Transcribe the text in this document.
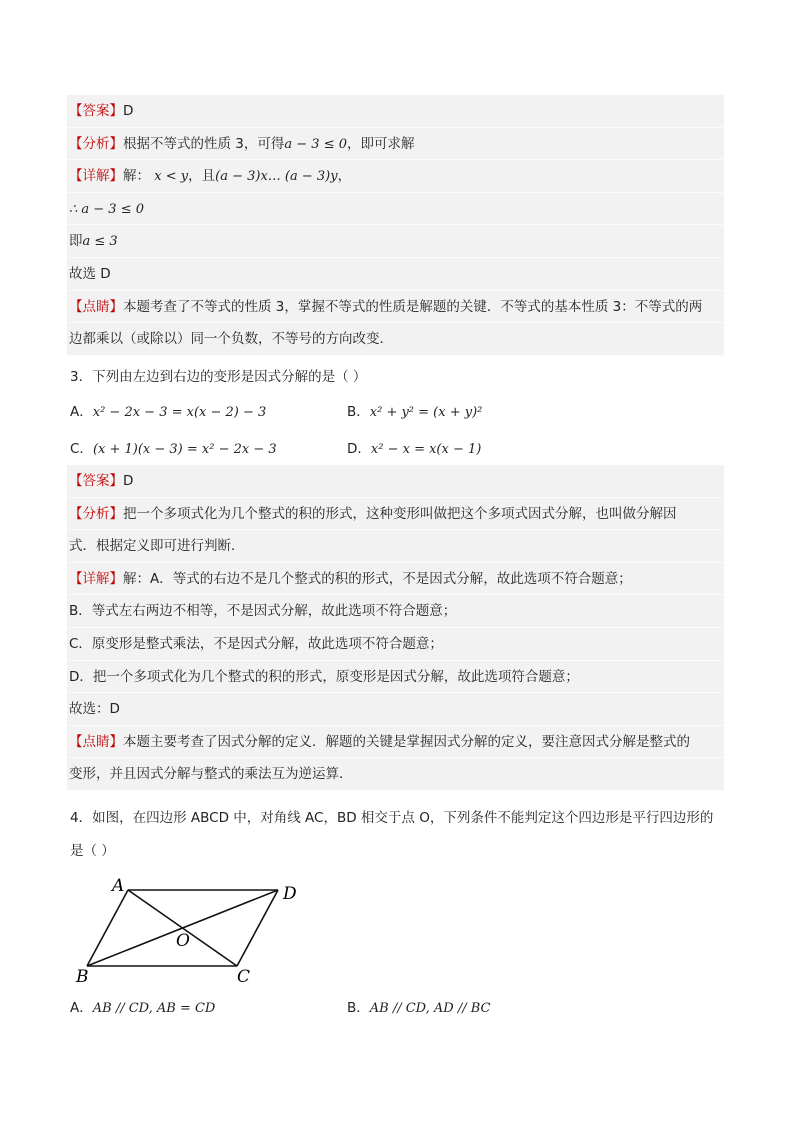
【答案】D
【分析】根据不等式的性质 3，可得a − 3 ≤ 0，即可求解
【详解】解： x < y，且(a − 3)x… (a − 3)y，
∴ a − 3 ≤ 0
即a ≤ 3
故选 D
【点睛】本题考查了不等式的性质 3，掌握不等式的性质是解题的关键．不等式的基本性质 3：不等式的两
边都乘以（或除以）同一个负数，不等号的方向改变．
3．下列由左边到右边的变形是因式分解的是（ ）
A．x² − 2x − 3 = x(x − 2) − 3	B．x² + y² = (x + y)²
C．(x + 1)(x − 3) = x² − 2x − 3	D．x² − x = x(x − 1)
【答案】D
【分析】把一个多项式化为几个整式的积的形式，这种变形叫做把这个多项式因式分解，也叫做分解因
式．根据定义即可进行判断．
【详解】解：A．等式的右边不是几个整式的积的形式，不是因式分解，故此选项不符合题意；
B．等式左右两边不相等，不是因式分解，故此选项不符合题意；
C．原变形是整式乘法，不是因式分解，故此选项不符合题意；
D．把一个多项式化为几个整式的积的形式，原变形是因式分解，故此选项符合题意；
故选：D
【点睛】本题主要考查了因式分解的定义．解题的关键是掌握因式分解的定义，要注意因式分解是整式的
变形，并且因式分解与整式的乘法互为逆运算．
4．如图，在四边形 ABCD 中，对角线 AC，BD 相交于点 O，下列条件不能判定这个四边形是平行四边形的
是（ ）
A	D
B	C
O
A．AB // CD, AB = CD	B．AB // CD, AD // BC
